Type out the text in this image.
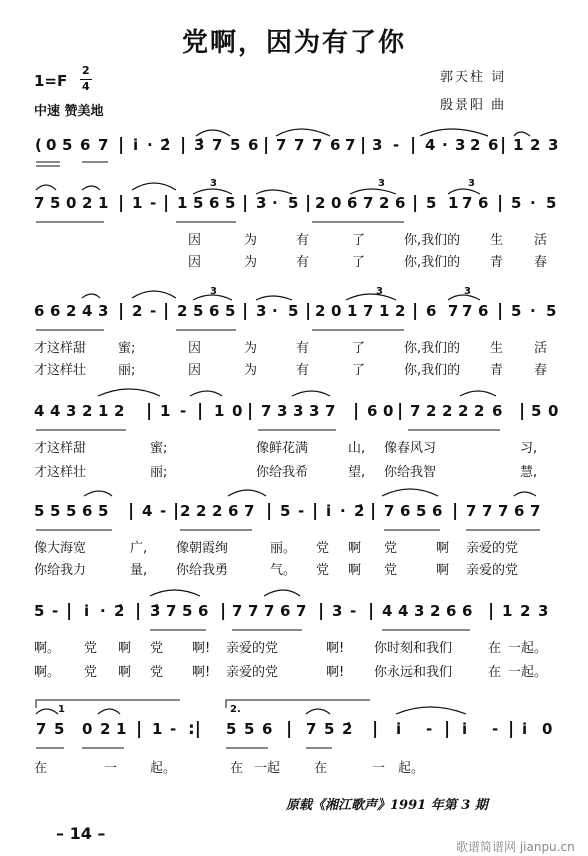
党啊，因为有了你
1=F
2
4
中速 赞美地
郭天柱 词
殷景阳 曲
( 0 5 6 7 | i · 2̇ | 3̇ 7 5 6 | 7 7 7 6 7 | 3 - | 4 · 3 2 6 | 1 2 3
7 5 0 2 1 | 1 - | 1 5 6 5 | 3 · 5 | 2 0 6 7 2 6 | 5 1 7 6 | 5 · 5
6 6 2 4 3 | 2 - | 2 5 6 5 | 3 · 5 | 2 0 1 7 1 2 | 6 7 7 6 | 5 · 5
4 4 3 2 1 2 | 1 - | 1 0 | 7 3 3 3 7 | 6 0 | 7 2 2 2 2 6 | 5 0
5 5 5 6 5 | 4 - | 2 2 2 6 7 | 5 - | i · 2̇ | 7 6 5 6 | 7 7 7 6 7
5 - | i · 2̇ | 3̇ 7 5 6 | 7 7 7 6 7 | 3 - | 4 4 3 2 6 6 | 1 2 3
7 5 0 2 1 | 1 - :| 5 5 6 | 7 5 2̇ | i - | i - | i 0
因	为	有	了	你,我们的 生 活
因	为	有	了	你,我们的 青 春
才这样甜 蜜;	因	为	有	了	你,我们的 生 活
才这样壮 丽;	因	为	有	了	你,我们的 青 春
才这样甜	蜜;	像鲜花满	山, 像春风习	习,
才这样壮	丽;	你给我希	望, 你给我智	慧,
像大海宽	广, 像朝霞绚	丽。 党 啊 党	啊 亲爱的党
你给我力	量, 你给我勇	气。 党 啊 党	啊 亲爱的党
啊。 党 啊 党 啊! 亲爱的党	啊! 你时刻和我们	在 一起。
啊。 党 啊 党 啊! 亲爱的党	啊! 你永远和我们	在 一起。
在	一	起。	在 一起	在	一 起。
1	2.
3	3	3
3	3	3
原载《湘江歌声》1991 年第 3 期
– 14 –
歌谱简谱网 jianpu.cn
